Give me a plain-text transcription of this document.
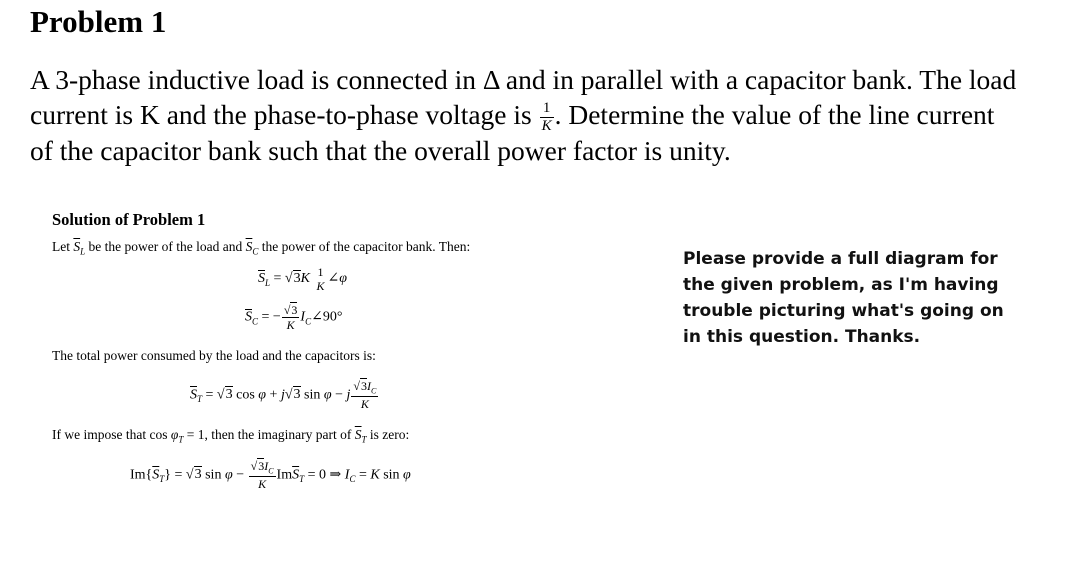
Problem 1
A 3-phase inductive load is connected in Δ and in parallel with a capacitor bank. The load current is K and the phase-to-phase voltage is $\frac{1}{K}$ . Determine the value of the line current of the capacitor bank such that the overall power factor is unity.
Solution of Problem 1
Let $\overline{S}_L$ be the power of the load and $\overline{S}_C$ the power of the capacitor bank. Then:
$\overline{S}_L = √3K$ 1
K ∠φ
$\overline{S}_C$ = − $\frac{√3}{K}$ $I_C\angle 90^\circ$
The total power consumed by the load and the capacitors is:
$\overline{S}_T = √3$ cos φ + j√3 sin φ − j $\frac{√3I_C}{K}$
If we impose that $\cos \varphi_T = 1$, then the imaginary part of $\overline{S}_T$ is zero:
$Im\{\overline{S}_T\} = √3$ $\sin \varphi - \frac{√3I_C}{K} Im\overline{S}_T = 0$ ⇒ $I_C = K$ sin φ
Please provide a full diagram for
the given problem, as I'm having
trouble picturing what's going on
in this question. Thanks.
